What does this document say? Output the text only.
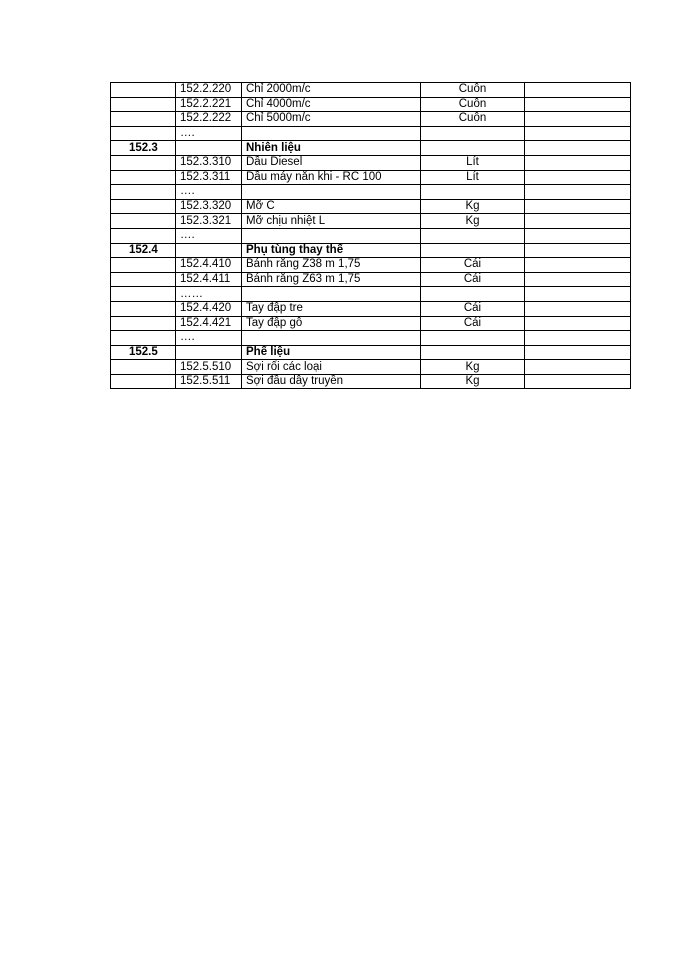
	152.2.220	Chỉ 2000m/c	Cuôn	
	152.2.221	Chỉ 4000m/c	Cuôn	
	152.2.222	Chỉ 5000m/c	Cuôn	
	….			
152.3		Nhiên liệu		
	152.3.310	Dầu Diesel	Lít	
	152.3.311	Dầu máy nắn khi - RC 100	Lít	
	….			
	152.3.320	Mỡ C	Kg	
	152.3.321	Mỡ chịu nhiệt L	Kg	
	….			
152.4		Phụ tùng thay thế		
	152.4.410	Bánh răng Z38 m 1,75	Cái	
	152.4.411	Bánh răng Z63 m 1,75	Cái	
	……			
	152.4.420	Tay đập tre	Cái	
	152.4.421	Tay đập gỗ	Cái	
	….			
152.5		Phế liệu		
	152.5.510	Sợi rối các loại	Kg	
	152.5.511	Sợi đầu dây truyền	Kg	
